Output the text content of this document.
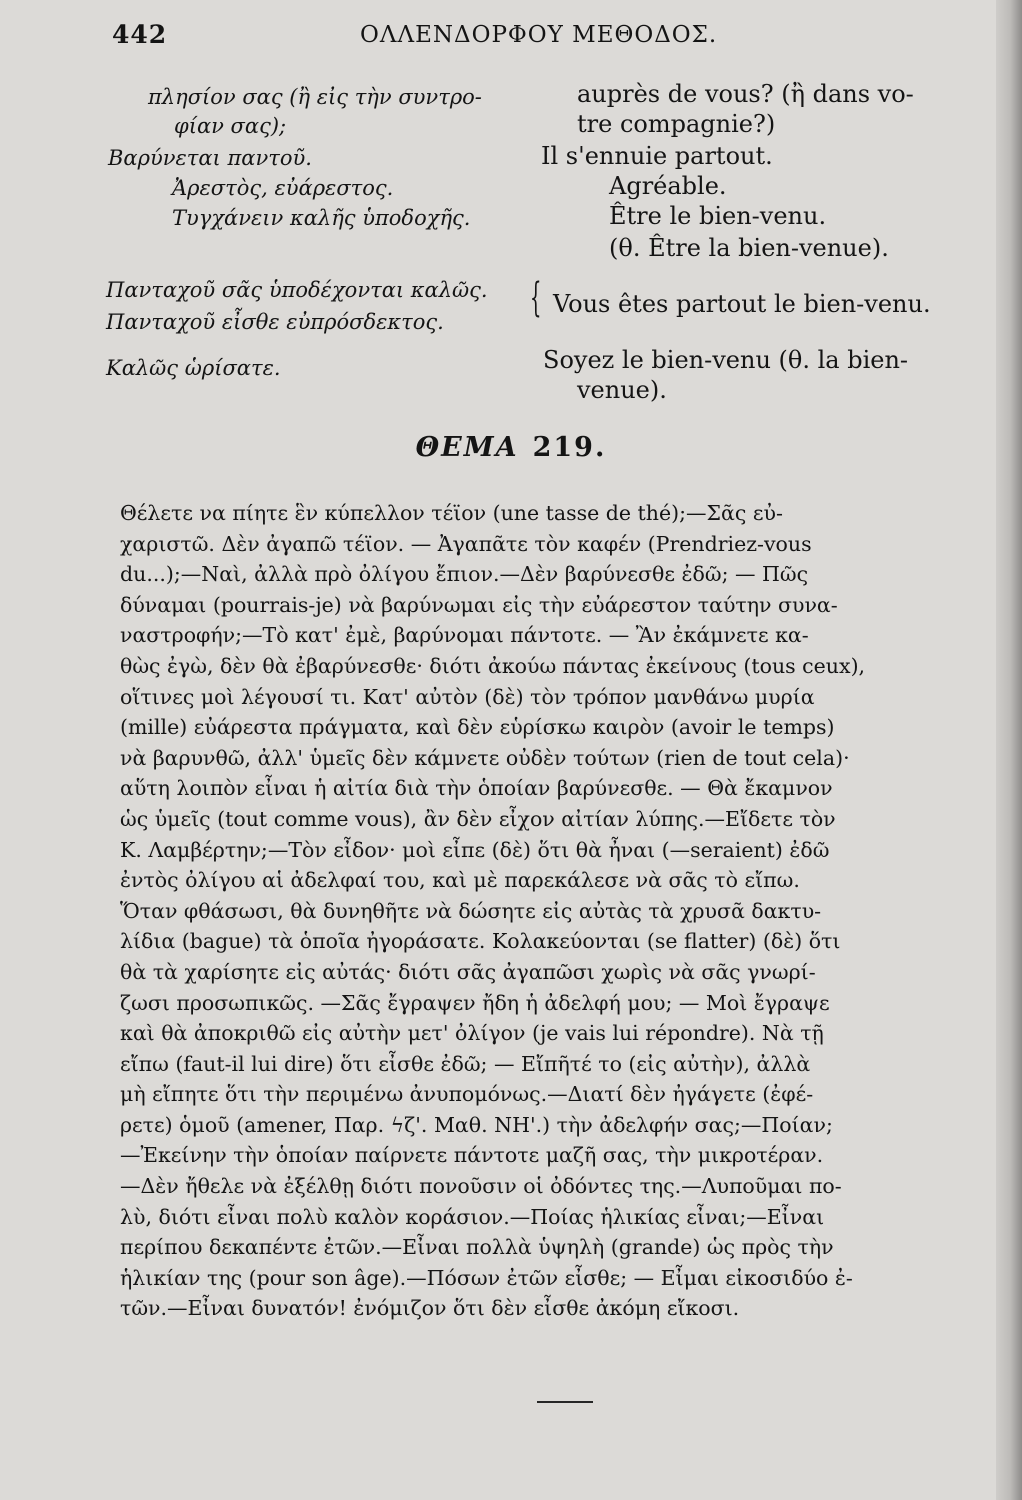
442	ΟΛΛΕΝΔΟΡΦΟΥ ΜΕΘΟΔΟΣ.
πλησίον σας (ἢ εἰς τὴν συντρο-
φίαν σας);
Βαρύνεται παντοῦ.
Ἀρεστὸς, εὐάρεστος.
Τυγχάνειν καλῆς ὑποδοχῆς.
Πανταχοῦ σᾶς ὑποδέχονται καλῶς.
Πανταχοῦ εἶσθε εὐπρόσδεκτος.
Καλῶς ὡρίσατε.
{
auprès de vous? (ἢ dans vo-
tre compagnie?)
Il s'ennuie partout.
Agréable.
Être le bien-venu.
(θ. Être la bien-venue).
Vous êtes partout le bien-venu.
Soyez le bien-venu (θ. la bien-
venue).
ΘΕΜΑ 219.
Θέλετε να πίητε ἓν κύπελλον τέϊον (une tasse de thé);—Σᾶς εὐ-
χαριστῶ. Δὲν ἀγαπῶ τέϊον. — Ἀγαπᾶτε τὸν καφέν (Prendriez-vous
du...);—Ναὶ, ἀλλὰ πρὸ ὀλίγου ἔπιον.—Δὲν βαρύνεσθε ἐδῶ; — Πῶς
δύναμαι (pourrais-je) νὰ βαρύνωμαι εἰς τὴν εὐάρεστον ταύτην συνα-
ναστροφήν;—Τὸ κατ' ἐμὲ, βαρύνομαι πάντοτε. — Ἂν ἐκάμνετε κα-
θὼς ἐγὼ, δὲν θὰ ἐβαρύνεσθε· διότι ἀκούω πάντας ἐκείνους (tous ceux),
οἵτινες μοὶ λέγουσί τι. Κατ' αὐτὸν (δὲ) τὸν τρόπον μανθάνω μυρία
(mille) εὐάρεστα πράγματα, καὶ δὲν εὑρίσκω καιρὸν (avoir le temps)
νὰ βαρυνθῶ, ἀλλ' ὑμεῖς δὲν κάμνετε οὐδὲν τούτων (rien de tout cela)·
αὕτη λοιπὸν εἶναι ἡ αἰτία διὰ τὴν ὁποίαν βαρύνεσθε. — Θὰ ἔκαμνον
ὡς ὑμεῖς (tout comme vous), ἂν δὲν εἶχον αἰτίαν λύπης.—Εἴδετε τὸν
Κ. Λαμβέρτην;—Τὸν εἶδον· μοὶ εἶπε (δὲ) ὅτι θὰ ἦναι (—seraient) ἐδῶ
ἐντὸς ὀλίγου αἱ ἀδελφαί του, καὶ μὲ παρεκάλεσε νὰ σᾶς τὸ εἴπω.
Ὅταν φθάσωσι, θὰ δυνηθῆτε νὰ δώσητε εἰς αὐτὰς τὰ χρυσᾶ δακτυ-
λίδια (bague) τὰ ὁποῖα ἠγοράσατε. Κολακεύονται (se flatter) (δὲ) ὅτι
θὰ τὰ χαρίσητε εἰς αὐτάς· διότι σᾶς ἀγαπῶσι χωρὶς νὰ σᾶς γνωρί-
ζωσι προσωπικῶς. —Σᾶς ἔγραψεν ἤδη ἡ ἀδελφή μου; — Μοὶ ἔγραψε
καὶ θὰ ἀποκριθῶ εἰς αὐτὴν μετ' ὀλίγον (je vais lui répondre). Νὰ τῇ
εἴπω (faut-il lui dire) ὅτι εἶσθε ἐδῶ; — Εἴπῆτέ το (εἰς αὐτὴν), ἀλλὰ
μὴ εἴπητε ὅτι τὴν περιμένω ἀνυπομόνως.—Διατί δὲν ἠγάγετε (ἐφέ-
ρετε) ὁμοῦ (amener, Παρ. ϟζ'. Μαθ. ΝΗ'.) τὴν ἀδελφήν σας;—Ποίαν;
—Ἐκείνην τὴν ὁποίαν παίρνετε πάντοτε μαζῆ σας, τὴν μικροτέραν.
—Δὲν ἤθελε νὰ ἐξέλθῃ διότι πονοῦσιν οἱ ὀδόντες της.—Λυποῦμαι πο-
λὺ, διότι εἶναι πολὺ καλὸν κοράσιον.—Ποίας ἡλικίας εἶναι;—Εἶναι
περίπου δεκαπέντε ἐτῶν.—Εἶναι πολλὰ ὑψηλὴ (grande) ὡς πρὸς τὴν
ἡλικίαν της (pour son âge).—Πόσων ἐτῶν εἶσθε; — Εἶμαι εἰκοσιδύο ἐ-
τῶν.—Εἶναι δυνατόν! ἐνόμιζον ὅτι δὲν εἶσθε ἀκόμη εἴκοσι.
